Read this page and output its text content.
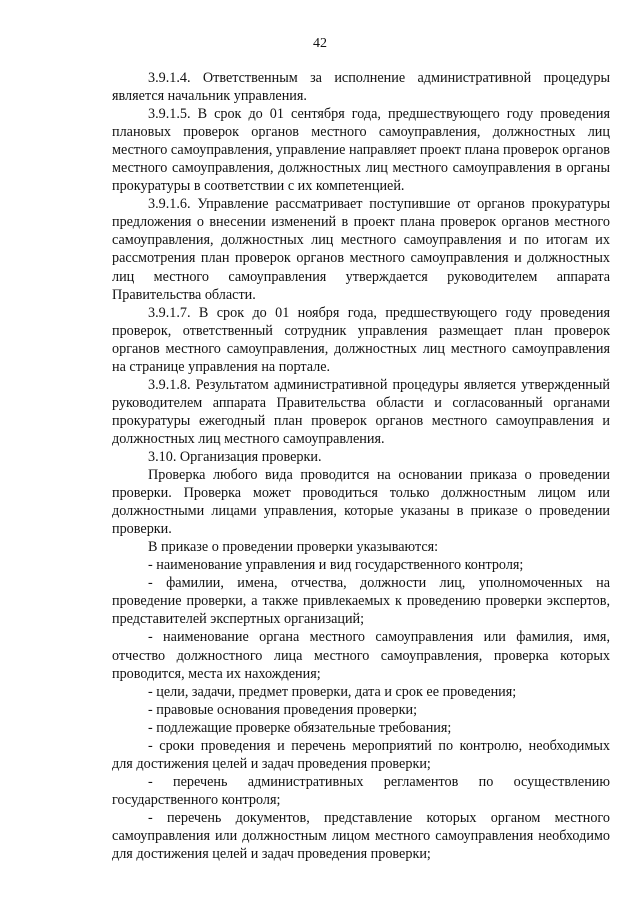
42

3.9.1.4. Ответственным за исполнение административной процедуры является начальник управления.

3.9.1.5. В срок до 01 сентября года, предшествующего году проведения плановых проверок органов местного самоуправления, должностных лиц местного самоуправления, управление направляет проект плана проверок органов местного самоуправления, должностных лиц местного самоуправления в органы прокуратуры в соответствии с их компетенцией.

3.9.1.6. Управление рассматривает поступившие от органов прокуратуры предложения о внесении изменений в проект плана проверок органов местного самоуправления, должностных лиц местного самоуправления и по итогам их рассмотрения план проверок органов местного самоуправления и должностных лиц местного самоуправления утверждается руководителем аппарата Правительства области.

3.9.1.7. В срок до 01 ноября года, предшествующего году проведения проверок, ответственный сотрудник управления размещает план проверок органов местного самоуправления, должностных лиц местного самоуправления на странице управления на портале.

3.9.1.8. Результатом административной процедуры является утвержденный руководителем аппарата Правительства области и согласованный органами прокуратуры ежегодный план проверок органов местного самоуправления и должностных лиц местного самоуправления.

3.10. Организация проверки.

Проверка любого вида проводится на основании приказа о проведении проверки. Проверка может проводиться только должностным лицом или должностными лицами управления, которые указаны в приказе о проведении проверки.

В приказе о проведении проверки указываются:

- наименование управления и вид государственного контроля;

- фамилии, имена, отчества, должности лиц, уполномоченных на проведение проверки, а также привлекаемых к проведению проверки экспертов, представителей экспертных организаций;

- наименование органа местного самоуправления или фамилия, имя, отчество должностного лица местного самоуправления, проверка которых проводится, места их нахождения;

- цели, задачи, предмет проверки, дата и срок ее проведения;

- правовые основания проведения проверки;

- подлежащие проверке обязательные требования;

- сроки проведения и перечень мероприятий по контролю, необходимых для достижения целей и задач проведения проверки;

- перечень административных регламентов по осуществлению государственного контроля;

- перечень документов, представление которых органом местного самоуправления или должностным лицом местного самоуправления необходимо для достижения целей и задач проведения проверки;
